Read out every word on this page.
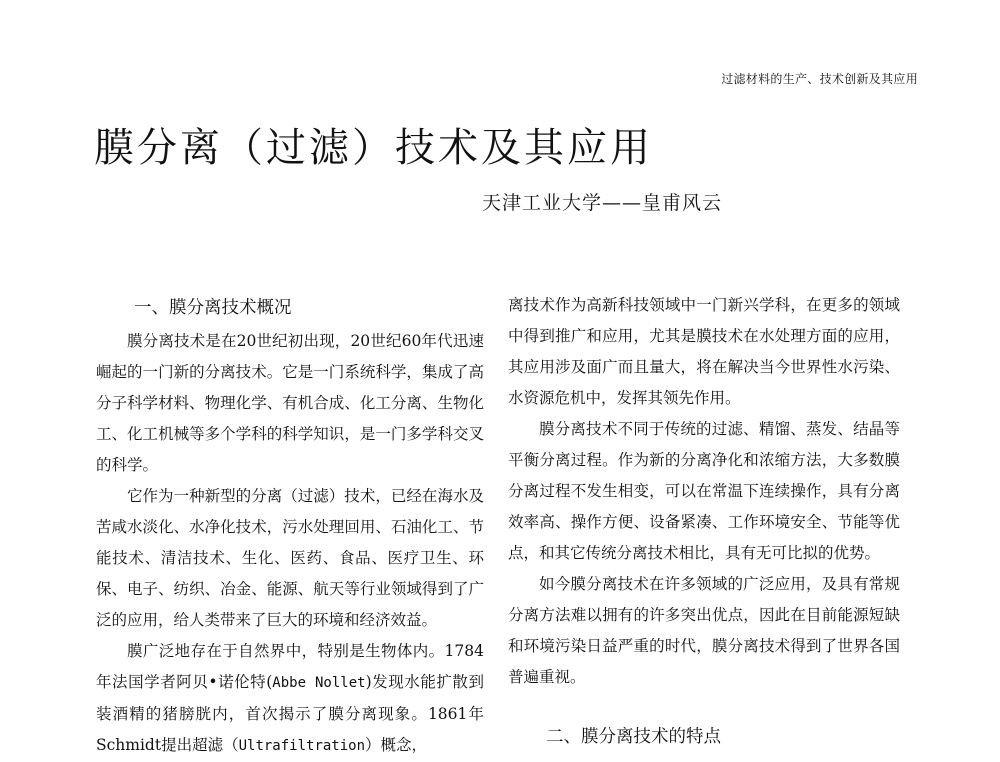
过滤材料的生产、技术创新及其应用
膜分离（过滤）技术及其应用
天津工业大学——皇甫风云
一、膜分离技术概况

膜分离技术是在20世纪初出现，20世纪60年代迅速崛起的一门新的分离技术。它是一门系统科学，集成了高分子科学材料、物理化学、有机合成、化工分离、生物化工、化工机械等多个学科的科学知识，是一门多学科交叉的科学。

它作为一种新型的分离（过滤）技术，已经在海水及苦咸水淡化、水净化技术，污水处理回用、石油化工、节能技术、清洁技术、生化、医药、食品、医疗卫生、环保、电子、纺织、冶金、能源、航天等行业领域得到了广泛的应用，给人类带来了巨大的环境和经济效益。

膜广泛地存在于自然界中，特别是生物体内。1784年法国学者阿贝•诺伦特(Abbe Nollet)发现水能扩散到装酒精的猪膀胱内，首次揭示了膜分离现象。1861年Schmidt提出超滤（Ultrafiltration）概念，

离技术作为高新科技领域中一门新兴学科，在更多的领域中得到推广和应用，尤其是膜技术在水处理方面的应用，其应用涉及面广而且量大，将在解决当今世界性水污染、水资源危机中，发挥其领先作用。

膜分离技术不同于传统的过滤、精馏、蒸发、结晶等平衡分离过程。作为新的分离净化和浓缩方法，大多数膜分离过程不发生相变，可以在常温下连续操作，具有分离效率高、操作方便、设备紧凑、工作环境安全、节能等优点，和其它传统分离技术相比，具有无可比拟的优势。

如今膜分离技术在许多领域的广泛应用，及具有常规分离方法难以拥有的许多突出优点，因此在目前能源短缺和环境污染日益严重的时代，膜分离技术得到了世界各国普遍重视。

二、膜分离技术的特点
